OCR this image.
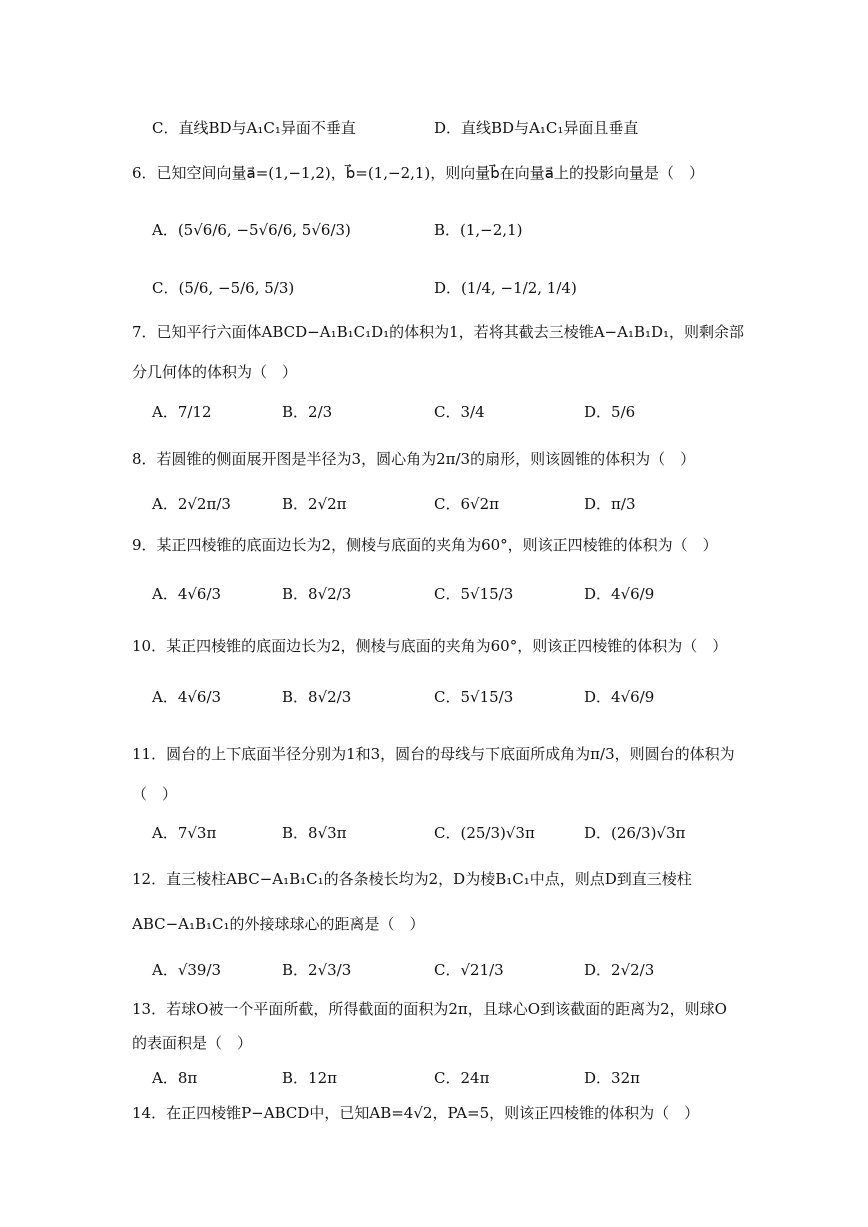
C．直线BD与A₁C₁异面不垂直	D．直线BD与A₁C₁异面且垂直
6．已知空间向量a⃗=(1,−1,2)，b⃗=(1,−2,1)，则向量b⃗在向量a⃗上的投影向量是（　）
A．(5√6/6, −5√6/6, 5√6/3)	B．(1,−2,1)
C．(5/6, −5/6, 5/3)	D．(1/4, −1/2, 1/4)
7．已知平行六面体ABCD−A₁B₁C₁D₁的体积为1，若将其截去三棱锥A−A₁B₁D₁，则剩余部
分几何体的体积为（　）
A．7/12	B．2/3	C．3/4	D．5/6
8．若圆锥的侧面展开图是半径为3，圆心角为2π/3的扇形，则该圆锥的体积为（　）
A．2√2π/3	B．2√2π	C．6√2π	D．π/3
9．某正四棱锥的底面边长为2，侧棱与底面的夹角为60°，则该正四棱锥的体积为（　）
A．4√6/3	B．8√2/3	C．5√15/3	D．4√6/9
10．某正四棱锥的底面边长为2，侧棱与底面的夹角为60°，则该正四棱锥的体积为（　）
A．4√6/3	B．8√2/3	C．5√15/3	D．4√6/9
11．圆台的上下底面半径分别为1和3，圆台的母线与下底面所成角为π/3，则圆台的体积为
（　）
A．7√3π	B．8√3π	C．(25/3)√3π	D．(26/3)√3π
12．直三棱柱ABC−A₁B₁C₁的各条棱长均为2，D为棱B₁C₁中点，则点D到直三棱柱
ABC−A₁B₁C₁的外接球球心的距离是（　）
A．√39/3	B．2√3/3	C．√21/3	D．2√2/3
13．若球O被一个平面所截，所得截面的面积为2π，且球心O到该截面的距离为2，则球O
的表面积是（　）
A．8π	B．12π	C．24π	D．32π
14．在正四棱锥P−ABCD中，已知AB=4√2，PA=5，则该正四棱锥的体积为（　）
